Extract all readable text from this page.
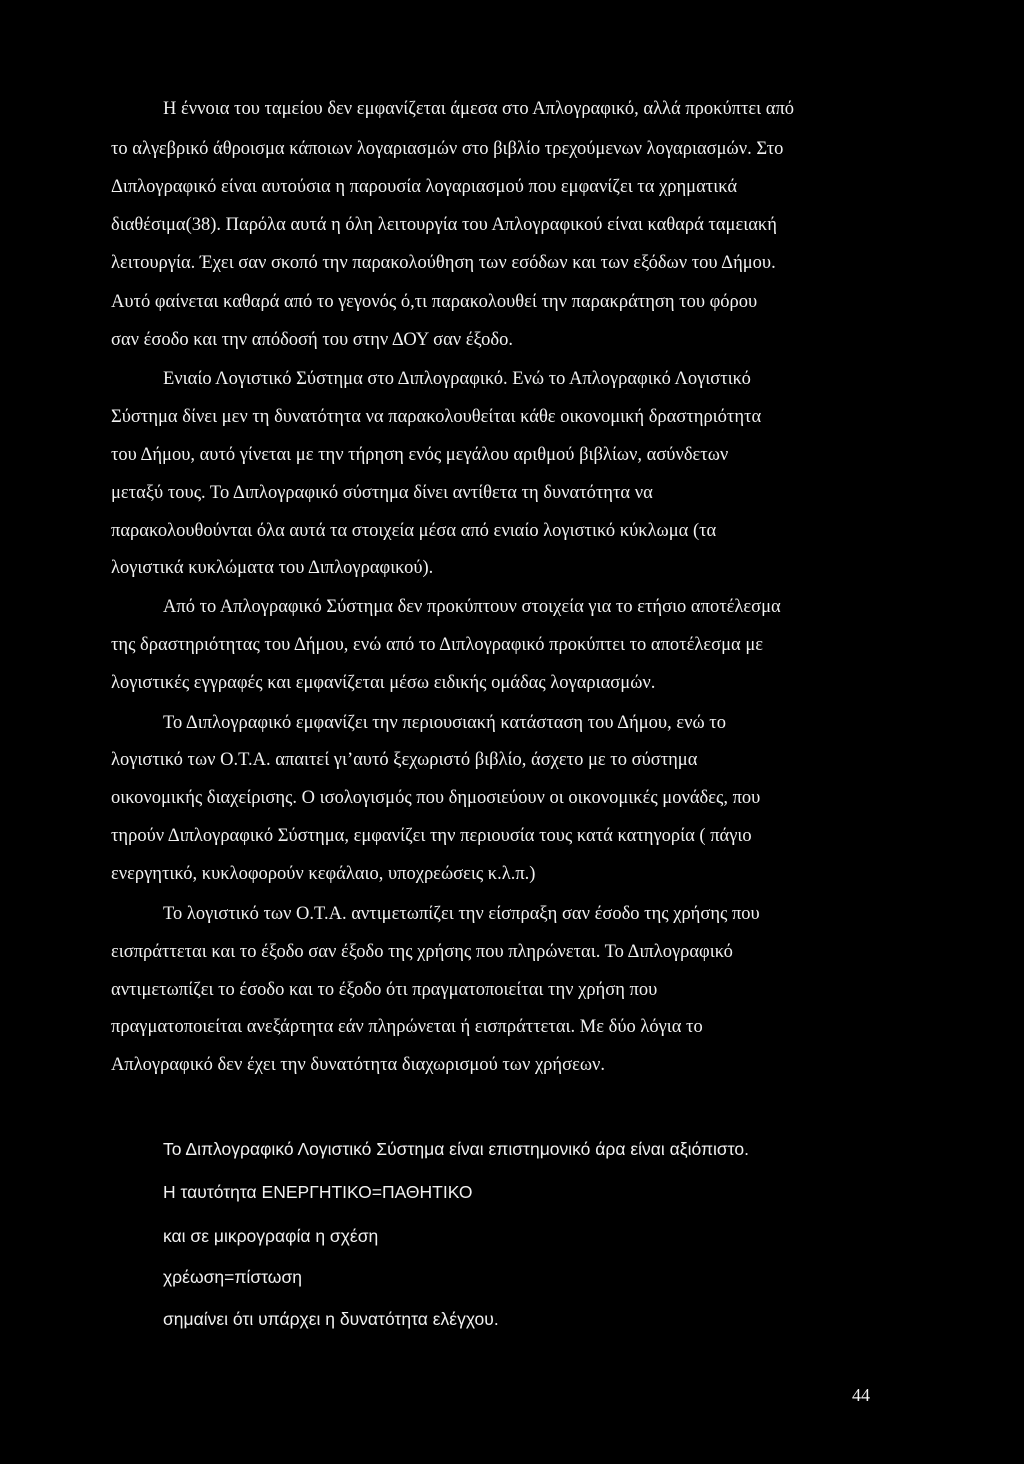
Η έννοια του ταμείου δεν εμφανίζεται άμεσα στο Απλογραφικό, αλλά προκύπτει από
το αλγεβρικό άθροισμα κάποιων λογαριασμών στο βιβλίο τρεχούμενων λογαριασμών. Στο
Διπλογραφικό είναι αυτούσια η παρουσία λογαριασμού που εμφανίζει τα χρηματικά
διαθέσιμα(38). Παρόλα αυτά η όλη λειτουργία του Απλογραφικού είναι καθαρά ταμειακή
λειτουργία. Έχει σαν σκοπό την παρακολούθηση των εσόδων και των εξόδων του Δήμου.
Αυτό φαίνεται καθαρά από το γεγονός ό,τι παρακολουθεί την παρακράτηση του φόρου
σαν έσοδο και την απόδοσή του στην ΔΟΥ σαν έξοδο.
Ενιαίο Λογιστικό Σύστημα στο Διπλογραφικό. Ενώ το Απλογραφικό Λογιστικό
Σύστημα δίνει μεν τη δυνατότητα να παρακολουθείται κάθε οικονομική δραστηριότητα
του Δήμου, αυτό γίνεται με την τήρηση ενός μεγάλου αριθμού βιβλίων, ασύνδετων
μεταξύ τους. Το Διπλογραφικό σύστημα δίνει αντίθετα τη δυνατότητα να
παρακολουθούνται όλα αυτά τα στοιχεία μέσα από ενιαίο λογιστικό κύκλωμα (τα
λογιστικά κυκλώματα του Διπλογραφικού).
Από το Απλογραφικό Σύστημα δεν προκύπτουν στοιχεία για το ετήσιο αποτέλεσμα
της δραστηριότητας του Δήμου, ενώ από το Διπλογραφικό προκύπτει το αποτέλεσμα με
λογιστικές εγγραφές και εμφανίζεται μέσω ειδικής ομάδας λογαριασμών.
Το Διπλογραφικό εμφανίζει την περιουσιακή κατάσταση του Δήμου, ενώ το
λογιστικό των Ο.Τ.Α. απαιτεί γι’αυτό ξεχωριστό βιβλίο, άσχετο με το σύστημα
οικονομικής διαχείρισης. Ο ισολογισμός που δημοσιεύουν οι οικονομικές μονάδες, που
τηρούν Διπλογραφικό Σύστημα, εμφανίζει την περιουσία τους κατά κατηγορία ( πάγιο
ενεργητικό, κυκλοφορούν κεφάλαιο, υποχρεώσεις κ.λ.π.)
Το λογιστικό των Ο.Τ.Α. αντιμετωπίζει την είσπραξη σαν έσοδο της χρήσης που
εισπράττεται και το έξοδο σαν έξοδο της χρήσης που πληρώνεται. Το Διπλογραφικό
αντιμετωπίζει το έσοδο και το έξοδο ότι πραγματοποιείται την χρήση που
πραγματοποιείται ανεξάρτητα εάν πληρώνεται ή εισπράττεται. Με δύο λόγια το
Απλογραφικό δεν έχει την δυνατότητα διαχωρισμού των χρήσεων.
Το Διπλογραφικό Λογιστικό Σύστημα είναι επιστημονικό άρα είναι αξιόπιστο.
Η ταυτότητα ΕΝΕΡΓΗΤΙΚΟ=ΠΑΘΗΤΙΚΟ
και σε μικρογραφία η σχέση
χρέωση=πίστωση
σημαίνει ότι υπάρχει η δυνατότητα ελέγχου.
44
